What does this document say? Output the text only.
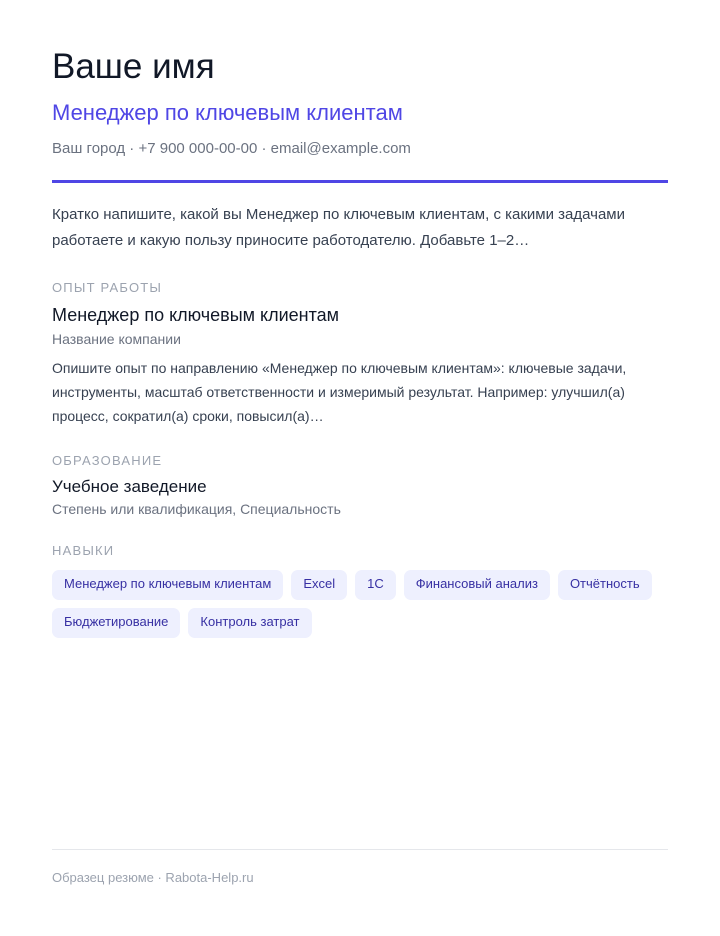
Ваше имя
Менеджер по ключевым клиентам
Ваш город · +7 900 000-00-00 · email@example.com
Кратко напишите, какой вы Менеджер по ключевым клиентам, с какими задачами работаете и какую пользу приносите работодателю. Добавьте 1–2…
ОПЫТ РАБОТЫ
Менеджер по ключевым клиентам
Название компании
Опишите опыт по направлению «Менеджер по ключевым клиентам»: ключевые задачи, инструменты, масштаб ответственности и измеримый результат. Например: улучшил(а) процесс, сократил(а) сроки, повысил(а)…
ОБРАЗОВАНИЕ
Учебное заведение
Степень или квалификация, Специальность
НАВЫКИ
Менеджер по ключевым клиентам	Excel	1С	Финансовый анализ	Отчётность
Бюджетирование	Контроль затрат
Образец резюме · Rabota-Help.ru
